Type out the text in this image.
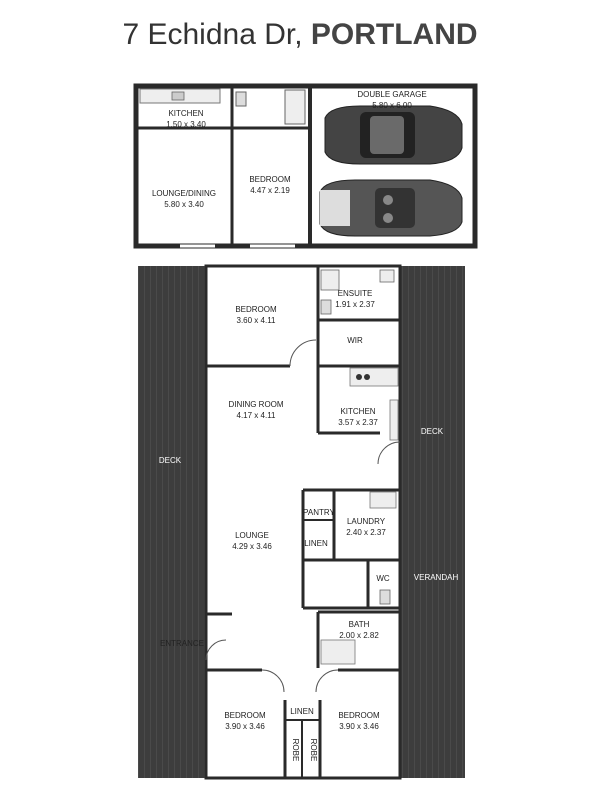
7 Echidna Dr, PORTLAND
KITCHEN
1.50 x 3.40
LOUNGE/DINING
5.80 x 3.40
BEDROOM
4.47 x 2.19
DOUBLE GARAGE
5.80 x 6.00
BEDROOM
3.60 x 4.11
ENSUITE
1.91 x 2.37
WIR
DINING ROOM
4.17 x 4.11	KITCHEN
3.57 x 2.37
PANTRY
LAUNDRY
2.40 x 2.37
LINEN
LOUNGE
4.29 x 3.46
WC
BATH
2.00 x 2.82
ENTRANCE
LINEN
BEDROOM
3.90 x 3.46
BEDROOM
3.90 x 3.46
ROBE ROBE
DECK
DECK
VERANDAH
